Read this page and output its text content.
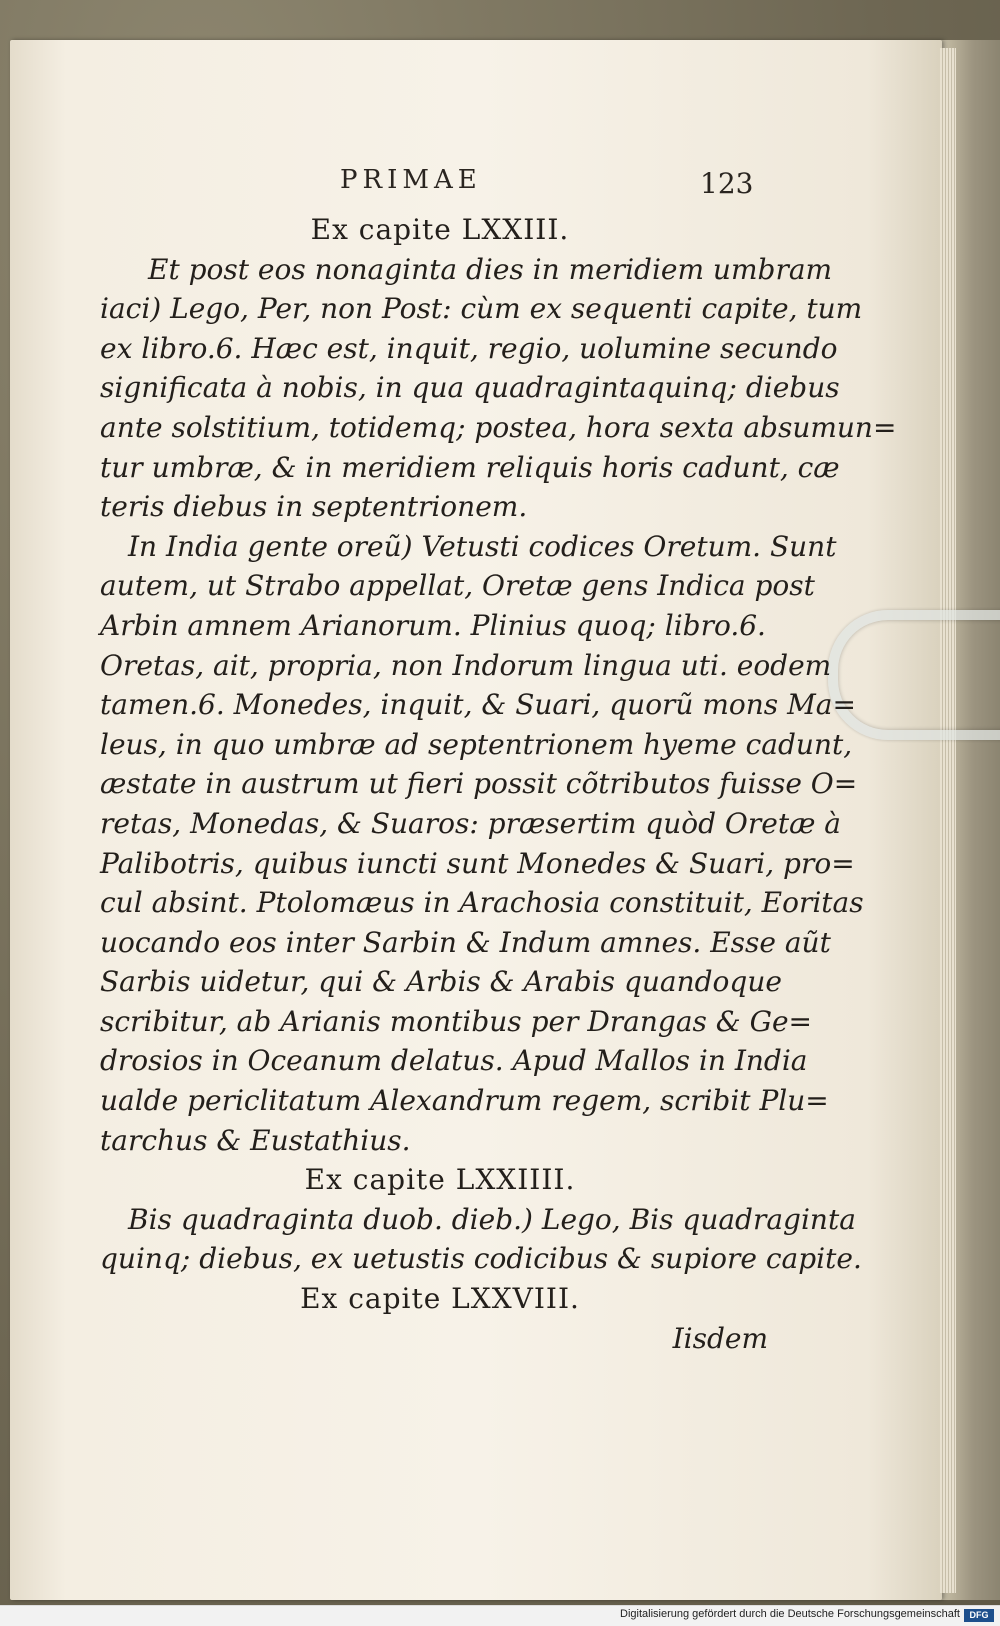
PRIMAE	123
Ex capite LXXIII.
Et post eos nonaginta dies in meridiem umbram
iaci) Lego, Per, non Post: cùm ex sequenti capite, tum
ex libro.6. Hæc est, inquit, regio, uolumine secundo
significata à nobis, in qua quadragintaquinq; diebus
ante solstitium, totidemq; postea, hora sexta absumun=
tur umbræ, & in meridiem reliquis horis cadunt, cæ
teris diebus in septentrionem.
In India gente oreũ) Vetusti codices Oretum. Sunt
autem, ut Strabo appellat, Oretæ gens Indica post
Arbin amnem Arianorum. Plinius quoq; libro.6.
Oretas, ait, propria, non Indorum lingua uti. eodem
tamen.6. Monedes, inquit, & Suari, quorũ mons Ma=
leus, in quo umbræ ad septentrionem hyeme cadunt,
æstate in austrum ut fieri possit cõtributos fuisse O=
retas, Monedas, & Suaros: præsertim quòd Oretæ à
Palibotris, quibus iuncti sunt Monedes & Suari, pro=
cul absint. Ptolomæus in Arachosia constituit, Eoritas
uocando eos inter Sarbin & Indum amnes. Esse aũt
Sarbis uidetur, qui & Arbis & Arabis quandoque
scribitur, ab Arianis montibus per Drangas & Ge=
drosios in Oceanum delatus. Apud Mallos in India
ualde periclitatum Alexandrum regem, scribit Plu=
tarchus & Eustathius.
Ex capite LXXIIII.
Bis quadraginta duob. dieb.) Lego, Bis quadraginta
quinq; diebus, ex uetustis codicibus & supiore capite.
Ex capite LXXVIII.
Iisdem
Digitalisierung gefördert durch die Deutsche Forschungsgemeinschaft	DFG
